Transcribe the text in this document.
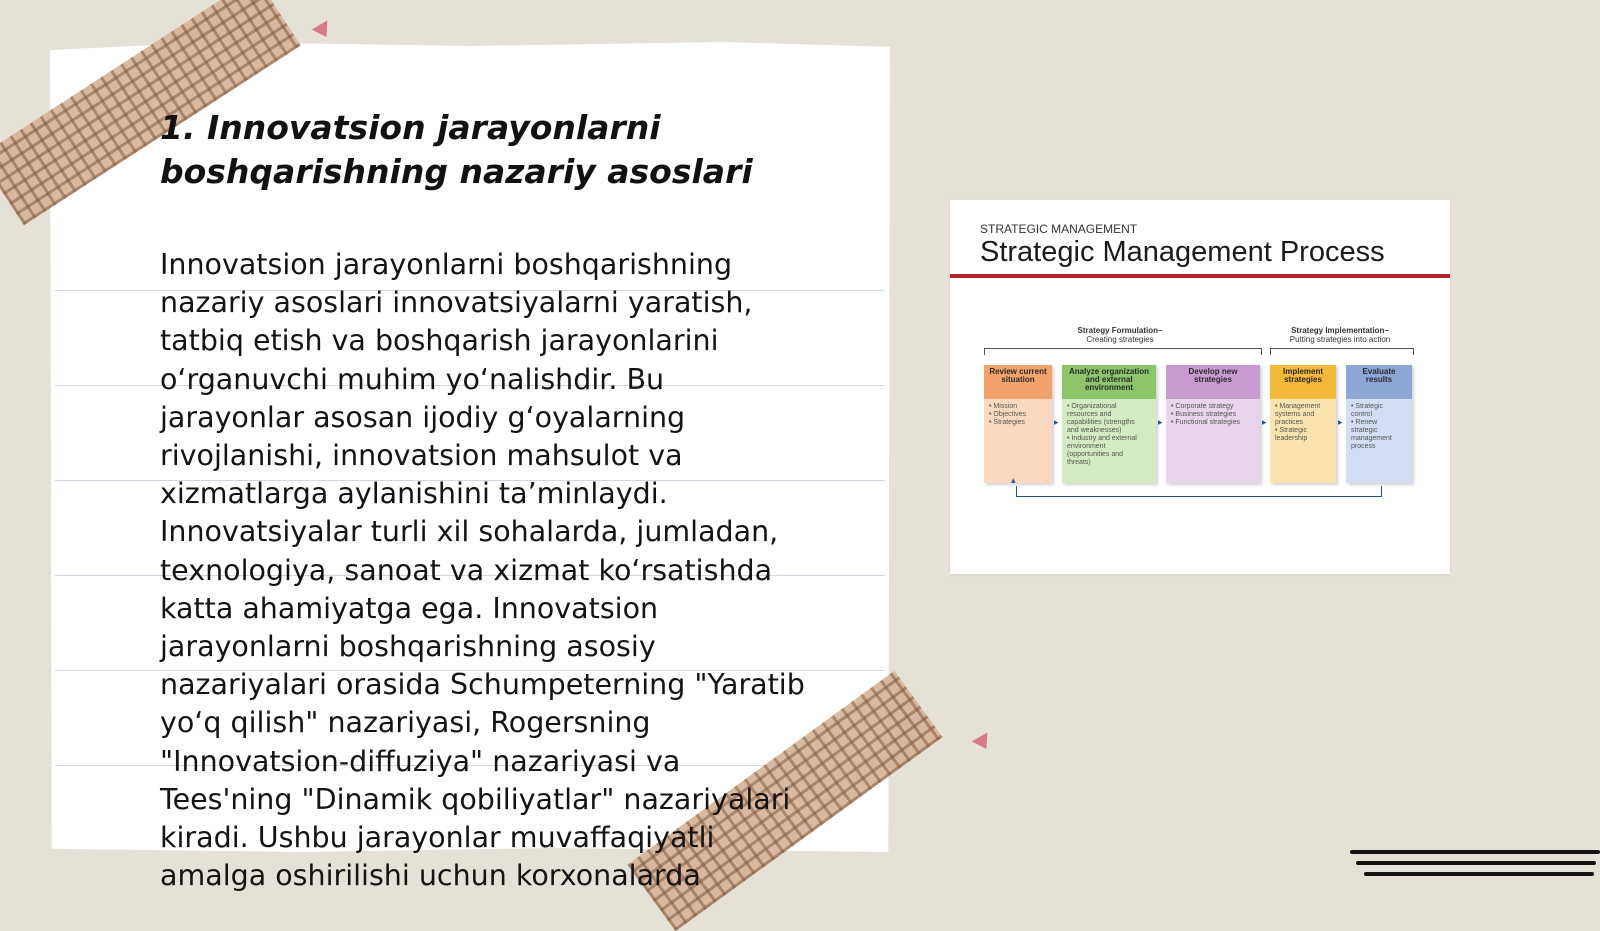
1. Innovatsion jarayonlarni
boshqarishning nazariy asoslari
Innovatsion jarayonlarni boshqarishning
nazariy asoslari innovatsiyalarni yaratish,
tatbiq etish va boshqarish jarayonlarini
o‘rganuvchi muhim yo‘nalishdir. Bu
jarayonlar asosan ijodiy g‘oyalarning
rivojlanishi, innovatsion mahsulot va
xizmatlarga aylanishini ta’minlaydi.
Innovatsiyalar turli xil sohalarda, jumladan,
texnologiya, sanoat va xizmat ko‘rsatishda
katta ahamiyatga ega. Innovatsion
jarayonlarni boshqarishning asosiy
nazariyalari orasida Schumpeterning "Yaratib
yo‘q qilish" nazariyasi, Rogersning
"Innovatsion-diffuziya" nazariyasi va
Tees'ning "Dinamik qobiliyatlar" nazariyalari
kiradi. Ushbu jarayonlar muvaffaqiyatli
amalga oshirilishi uchun korxonalarda
STRATEGIC MANAGEMENT
Strategic Management Process
Strategy Formulation–
Creating strategies
Strategy Implementation–
Putting strategies into action
Review current situation
• Mission
• Objectives
• Strategies	▸
Analyze organization and external environment
• Organizational
resources and
capabilities (strengths
and weaknesses)
• Industry and external
environment
(opportunities and
threats)
▸
Develop new strategies
• Corporate strategy
• Business strategies
• Functional strategies	▸
Implement strategies
• Management
systems and
practices
• Strategic
leadership
▸
Evaluate results
• Strategic
control
• Renew
strategic
management
process
▴
